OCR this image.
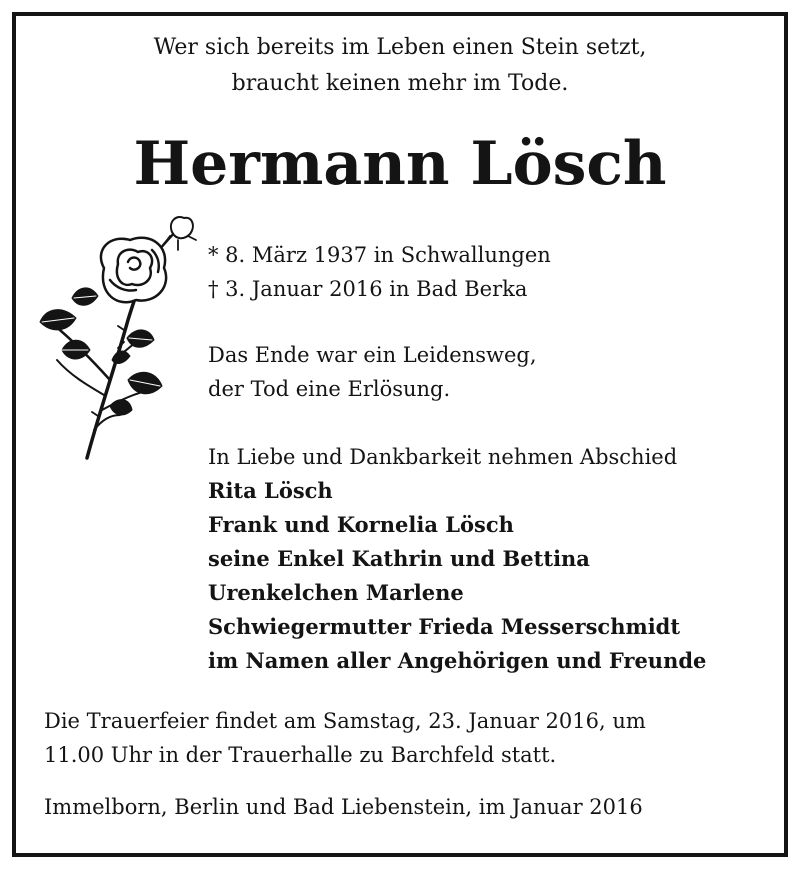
Wer sich bereits im Leben einen Stein setzt,
braucht keinen mehr im Tode.
Hermann Lösch
* 8. März 1937 in Schwallungen
† 3. Januar 2016 in Bad Berka
Das Ende war ein Leidensweg,
der Tod eine Erlösung.
In Liebe und Dankbarkeit nehmen Abschied
Rita Lösch
Frank und Kornelia Lösch
seine Enkel Kathrin und Bettina
Urenkelchen Marlene
Schwiegermutter Frieda Messerschmidt
im Namen aller Angehörigen und Freunde
Die Trauerfeier findet am Samstag, 23. Januar 2016, um
11.00 Uhr in der Trauerhalle zu Barchfeld statt.
Immelborn, Berlin und Bad Liebenstein, im Januar 2016
